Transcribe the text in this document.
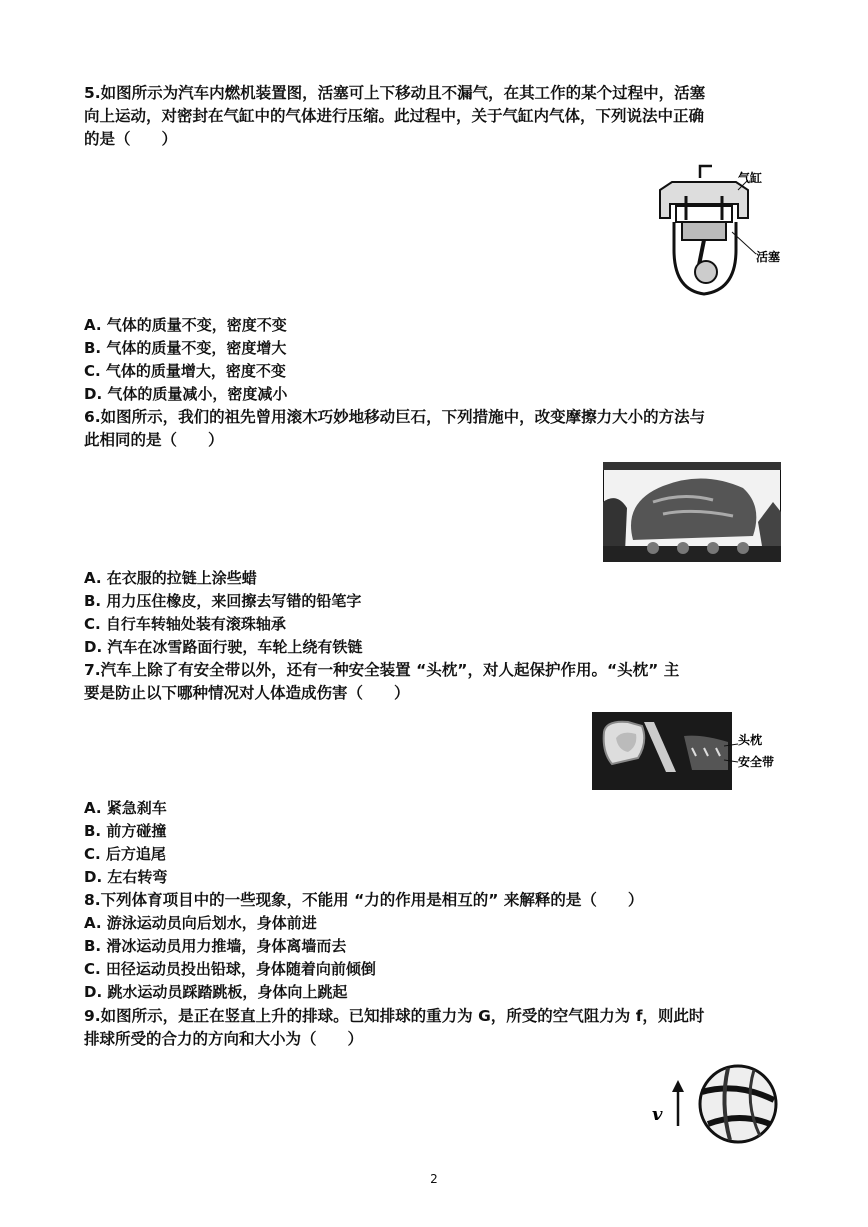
5.如图所示为汽车内燃机装置图，活塞可上下移动且不漏气，在其工作的某个过程中，活塞
向上运动，对密封在气缸中的气体进行压缩。此过程中，关于气缸内气体，下列说法中正确
的是（　　）
气缸
活塞
A. 气体的质量不变，密度不变
B. 气体的质量不变，密度增大
C. 气体的质量增大，密度不变
D. 气体的质量减小，密度减小
6.如图所示，我们的祖先曾用滚木巧妙地移动巨石，下列措施中，改变摩擦力大小的方法与
此相同的是（　　）
A. 在衣服的拉链上涂些蜡
B. 用力压住橡皮，来回擦去写错的铅笔字
C. 自行车转轴处装有滚珠轴承
D. 汽车在冰雪路面行驶，车轮上绕有铁链
7.汽车上除了有安全带以外，还有一种安全装置 “头枕”，对人起保护作用。“头枕” 主
要是防止以下哪种情况对人体造成伤害（　　）
头枕
安全带
A. 紧急刹车
B. 前方碰撞
C. 后方追尾
D. 左右转弯
8.下列体育项目中的一些现象，不能用 “力的作用是相互的” 来解释的是（　　）
A. 游泳运动员向后划水，身体前进
B. 滑冰运动员用力推墙，身体离墙而去
C. 田径运动员投出铅球，身体随着向前倾倒
D. 跳水运动员踩踏跳板，身体向上跳起
9.如图所示，是正在竖直上升的排球。已知排球的重力为 G，所受的空气阻力为 f，则此时
排球所受的合力的方向和大小为（　　）
v
2
